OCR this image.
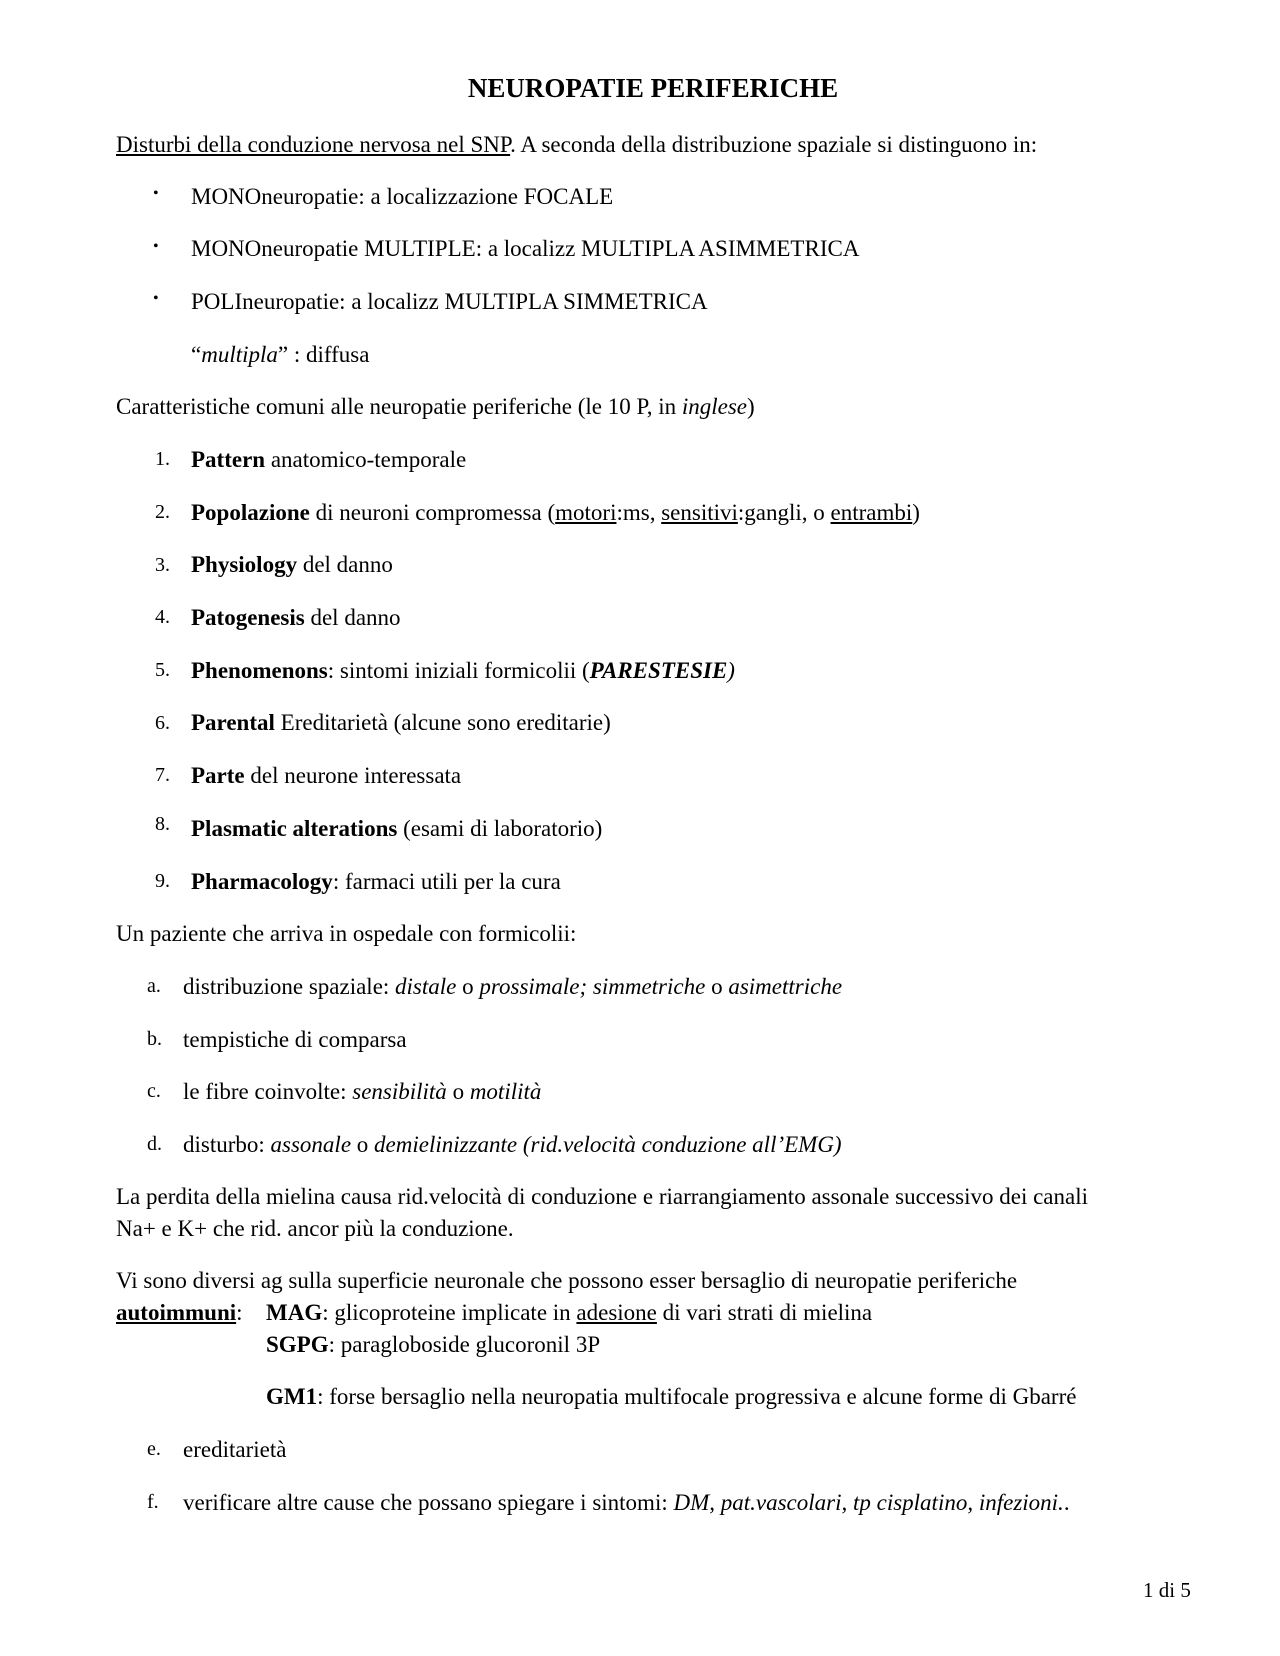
NEUROPATIE PERIFERICHE
Disturbi della conduzione nervosa nel SNP. A seconda della distribuzione spaziale si distinguono in:
• MONOneuropatie: a localizzazione FOCALE
• MONOneuropatie MULTIPLE: a localizz MULTIPLA ASIMMETRICA
• POLIneuropatie: a localizz MULTIPLA SIMMETRICA
“multipla” : diffusa
Caratteristiche comuni alle neuropatie periferiche (le 10 P, in inglese)
1. Pattern anatomico-temporale
2. Popolazione di neuroni compromessa (motori:ms, sensitivi:gangli, o entrambi)
3. Physiology del danno
4. Patogenesis del danno
5. Phenomenons: sintomi iniziali formicolii (PARESTESIE)
6. Parental Ereditarietà (alcune sono ereditarie)
7. Parte del neurone interessata
8. Plasmatic alterations (esami di laboratorio)
9. Pharmacology: farmaci utili per la cura
Un paziente che arriva in ospedale con formicolii:
a. distribuzione spaziale: distale o prossimale; simmetriche o asimettriche
b. tempistiche di comparsa
c. le fibre coinvolte: sensibilità o motilità
d. disturbo: assonale o demielinizzante (rid.velocità conduzione all’EMG)
La perdita della mielina causa rid.velocità di conduzione e riarrangiamento assonale successivo dei canali
Na+ e K+ che rid. ancor più la conduzione.
Vi sono diversi ag sulla superficie neuronale che possono esser bersaglio di neuropatie periferiche
autoimmuni: MAG: glicoproteine implicate in adesione di vari strati di mielina
SGPG: paragloboside glucoronil 3P
GM1: forse bersaglio nella neuropatia multifocale progressiva e alcune forme di Gbarré
e. ereditarietà
f.	verificare altre cause che possano spiegare i sintomi: DM, pat.vascolari, tp cisplatino, infezioni..
1 di 5
